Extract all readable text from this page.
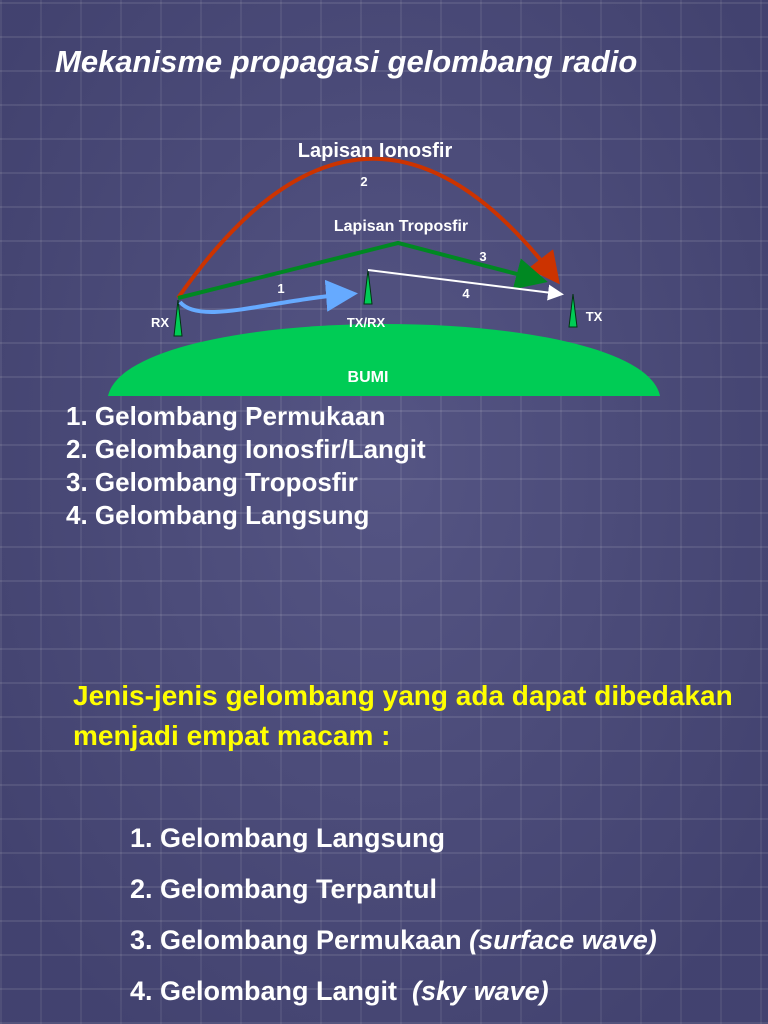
Mekanisme propagasi gelombang radio
Lapisan Ionosfir
Lapisan Troposfir
1
2
3
4
RX	TX/RX	TX
BUMI
1. Gelombang Permukaan
2. Gelombang Ionosfir/Langit
3. Gelombang Troposfir
4. Gelombang Langsung
Jenis-jenis gelombang yang ada dapat dibedakan menjadi empat macam :
1. Gelombang Langsung
2. Gelombang Terpantul
3. Gelombang Permukaan (surface wave)
4. Gelombang Langit  (sky wave)
